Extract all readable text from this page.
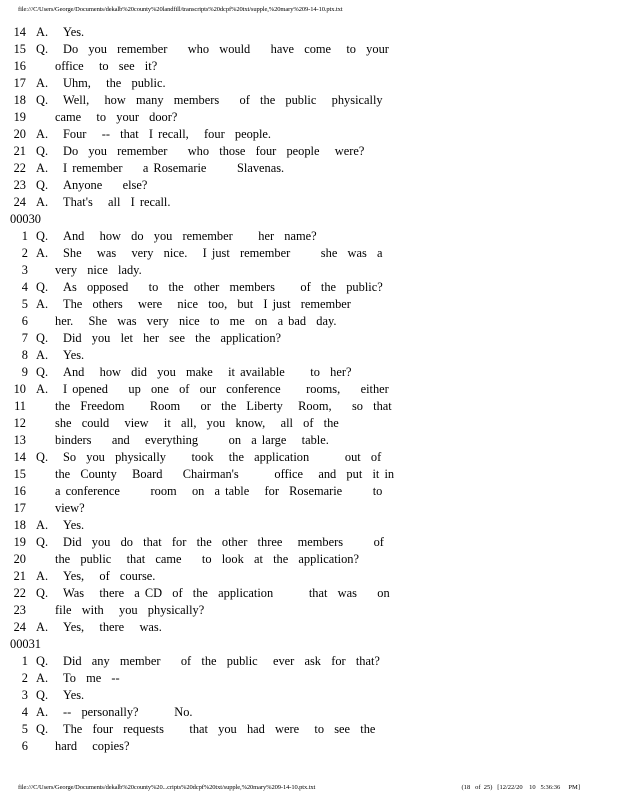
file:///C/Users/George/Documents/dekalb%20county%20landfill/transcripts%20dcpf%20txt/supple,%20mary%209-14-10.ptx.txt
14 A. Yes.
15 Q. Do  you  remember    who  would    have  come   to  your
16 office   to  see  it?
17 A. Uhm,   the  public.
18 Q. Well,   how  many  members    of  the  public   physically
19 came   to  your  door?
20 A. Four   --  that  I recall,   four  people.
21 Q. Do  you  remember    who  those  four  people   were?
22 A. I remember    a Rosemarie      Slavenas.
23 Q. Anyone    else?
24 A. That's   all  I recall.
00030
1 Q. And   how  do  you  remember     her  name?
2 A. She   was   very  nice.   I just  remember      she  was  a
3 very  nice  lady.
4 Q. As  opposed    to  the  other  members     of  the  public?
5 A. The  others   were   nice  too,  but  I just  remember
6 her.   She  was  very  nice  to  me  on  a bad  day.
7 Q. Did  you  let  her  see  the  application?
8 A. Yes.
9 Q. And   how  did  you  make   it available     to  her?
10 A. I opened    up  one  of  our  conference     rooms,    either
11 the  Freedom     Room    or  the  Liberty   Room,    so  that
12 she  could   view   it  all,  you  know,   all  of  the
13 binders    and   everything      on  a large   table.
14 Q. So  you  physically     took   the  application       out  of
15 the  County   Board    Chairman's       office   and  put  it in
16 a conference      room   on  a table   for  Rosemarie      to
17 view?
18 A. Yes.
19 Q. Did  you  do  that  for  the  other  three   members      of
20 the  public   that  came    to  look  at  the  application?
21 A. Yes,   of  course.
22 Q. Was   there  a CD  of  the  application       that  was    on
23 file  with   you  physically?
24 A. Yes,   there   was.
00031
1 Q. Did  any  member    of  the  public   ever  ask  for  that?
2 A. To  me  --
3 Q. Yes.
4 A. --  personally?       No.
5 Q. The  four  requests     that  you  had  were   to  see  the
6 hard   copies?
file:///C/Users/George/Documents/dekalb%20county%20...cripts%20dcpf%20txt/supple,%20mary%209-14-10.ptx.txt	(18   of  25) [12/22/20    10   5:36:36     PM]
